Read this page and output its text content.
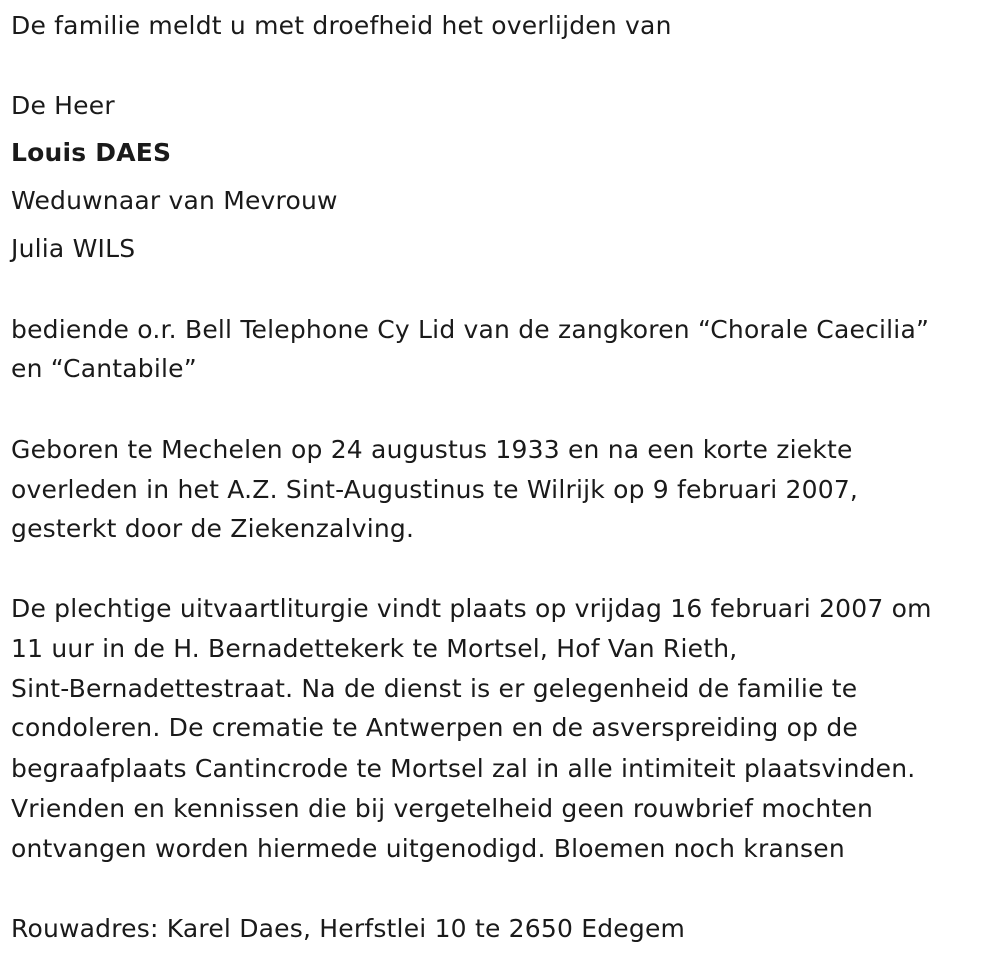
De familie meldt u met droefheid het overlijden van
De Heer
Louis DAES
Weduwnaar van Mevrouw
Julia WILS
bediende o.r. Bell Telephone Cy Lid van de zangkoren “Chorale Caecilia”
en “Cantabile”
Geboren te Mechelen op 24 augustus 1933 en na een korte ziekte
overleden in het A.Z. Sint-Augustinus te Wilrijk op 9 februari 2007,
gesterkt door de Ziekenzalving.
De plechtige uitvaartliturgie vindt plaats op vrijdag 16 februari 2007 om
11 uur in de H. Bernadettekerk te Mortsel, Hof Van Rieth,
Sint-Bernadettestraat. Na de dienst is er gelegenheid de familie te
condoleren. De crematie te Antwerpen en de asverspreiding op de
begraafplaats Cantincrode te Mortsel zal in alle intimiteit plaatsvinden.
Vrienden en kennissen die bij vergetelheid geen rouwbrief mochten
ontvangen worden hiermede uitgenodigd. Bloemen noch kransen
Rouwadres: Karel Daes, Herfstlei 10 te 2650 Edegem
